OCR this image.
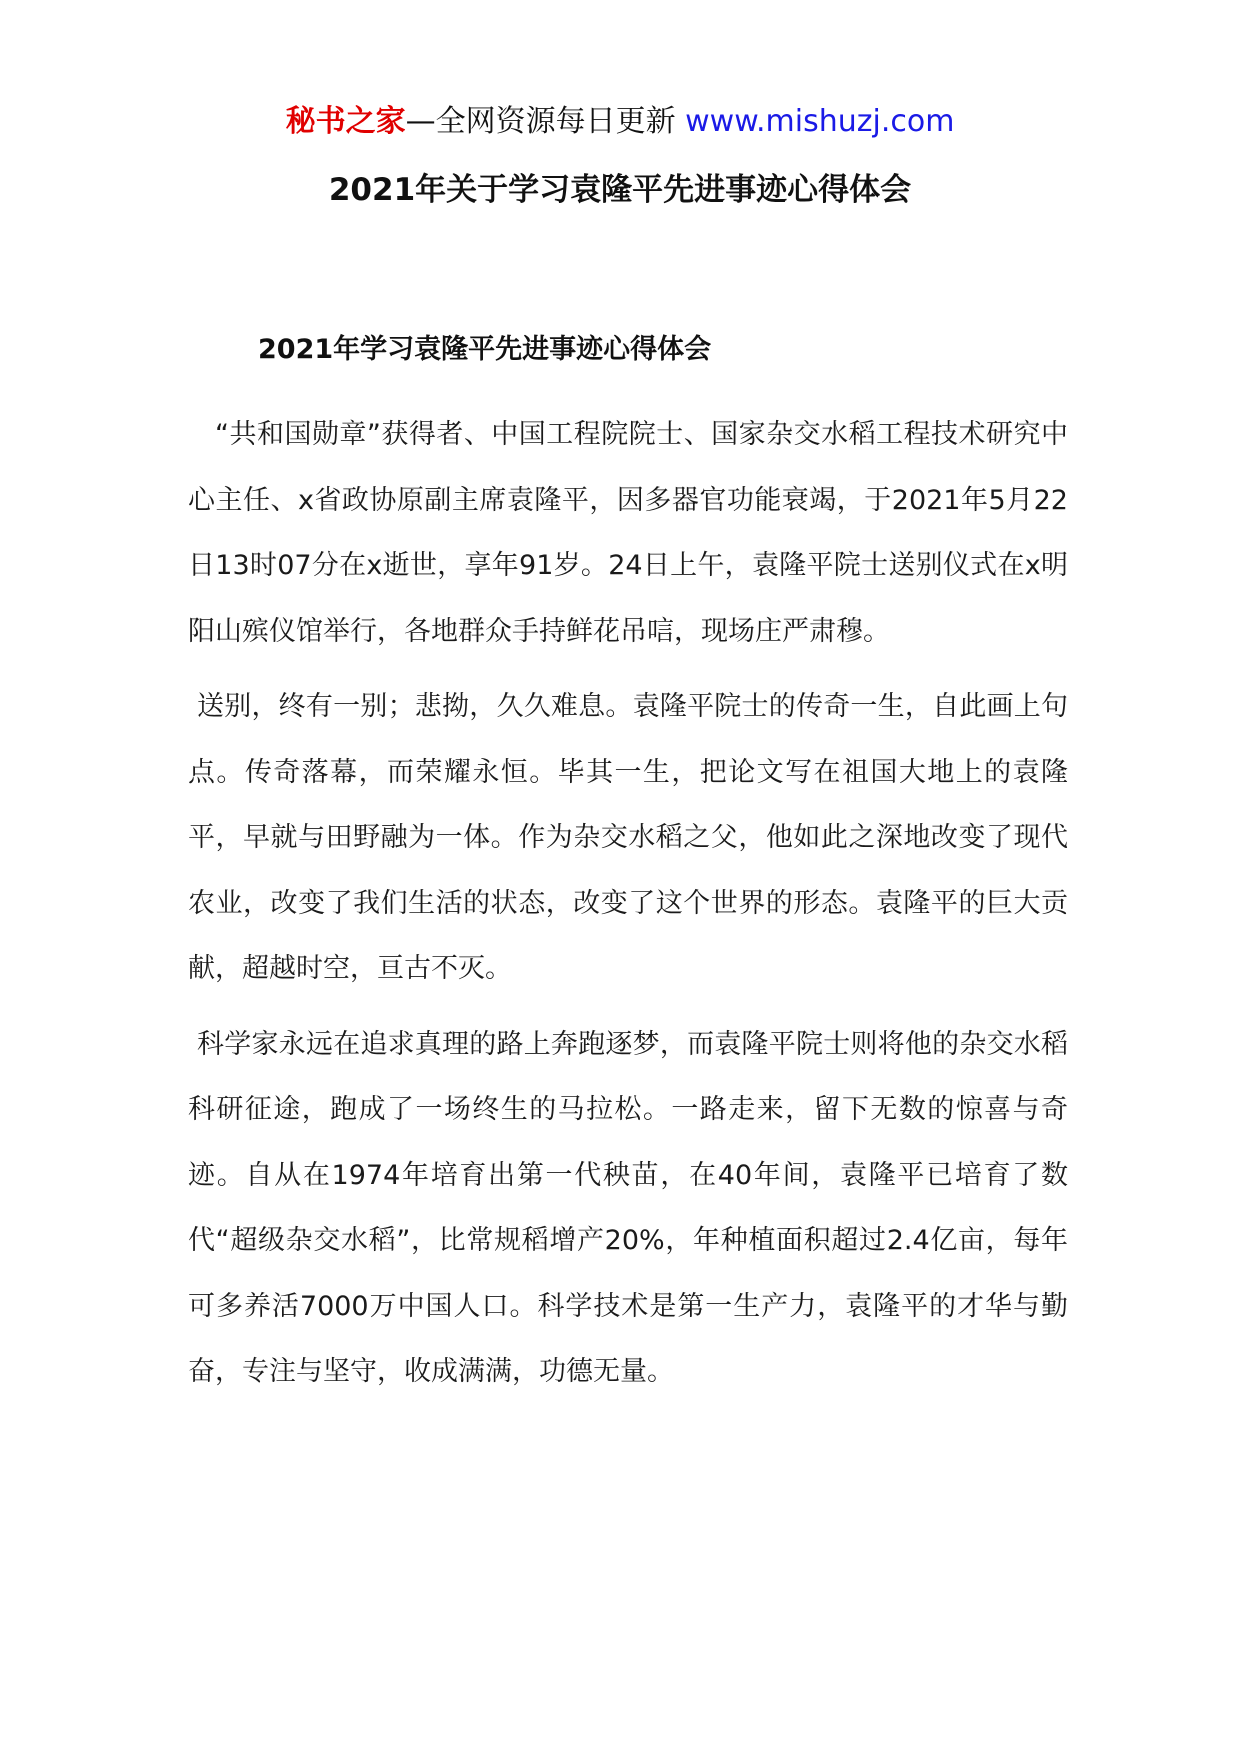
秘书之家—全网资源每日更新 www.mishuzj.com
2021年关于学习袁隆平先进事迹心得体会
2021年学习袁隆平先进事迹心得体会

“共和国勋章”获得者、中国工程院院士、国家杂交水稻工程技术研究中心主任、x省政协原副主席袁隆平，因多器官功能衰竭，于2021年5月22日13时07分在x逝世，享年91岁。24日上午，袁隆平院士送别仪式在x明阳山殡仪馆举行，各地群众手持鲜花吊唁，现场庄严肃穆。

送别，终有一别；悲拗，久久难息。袁隆平院士的传奇一生，自此画上句点。传奇落幕，而荣耀永恒。毕其一生，把论文写在祖国大地上的袁隆平，早就与田野融为一体。作为杂交水稻之父，他如此之深地改变了现代农业，改变了我们生活的状态，改变了这个世界的形态。袁隆平的巨大贡献，超越时空，亘古不灭。

科学家永远在追求真理的路上奔跑逐梦，而袁隆平院士则将他的杂交水稻科研征途，跑成了一场终生的马拉松。一路走来，留下无数的惊喜与奇迹。自从在1974年培育出第一代秧苗，在40年间，袁隆平已培育了数代“超级杂交水稻”，比常规稻增产20%，年种植面积超过2.4亿亩，每年可多养活7000万中国人口。科学技术是第一生产力，袁隆平的才华与勤奋，专注与坚守，收成满满，功德无量。
